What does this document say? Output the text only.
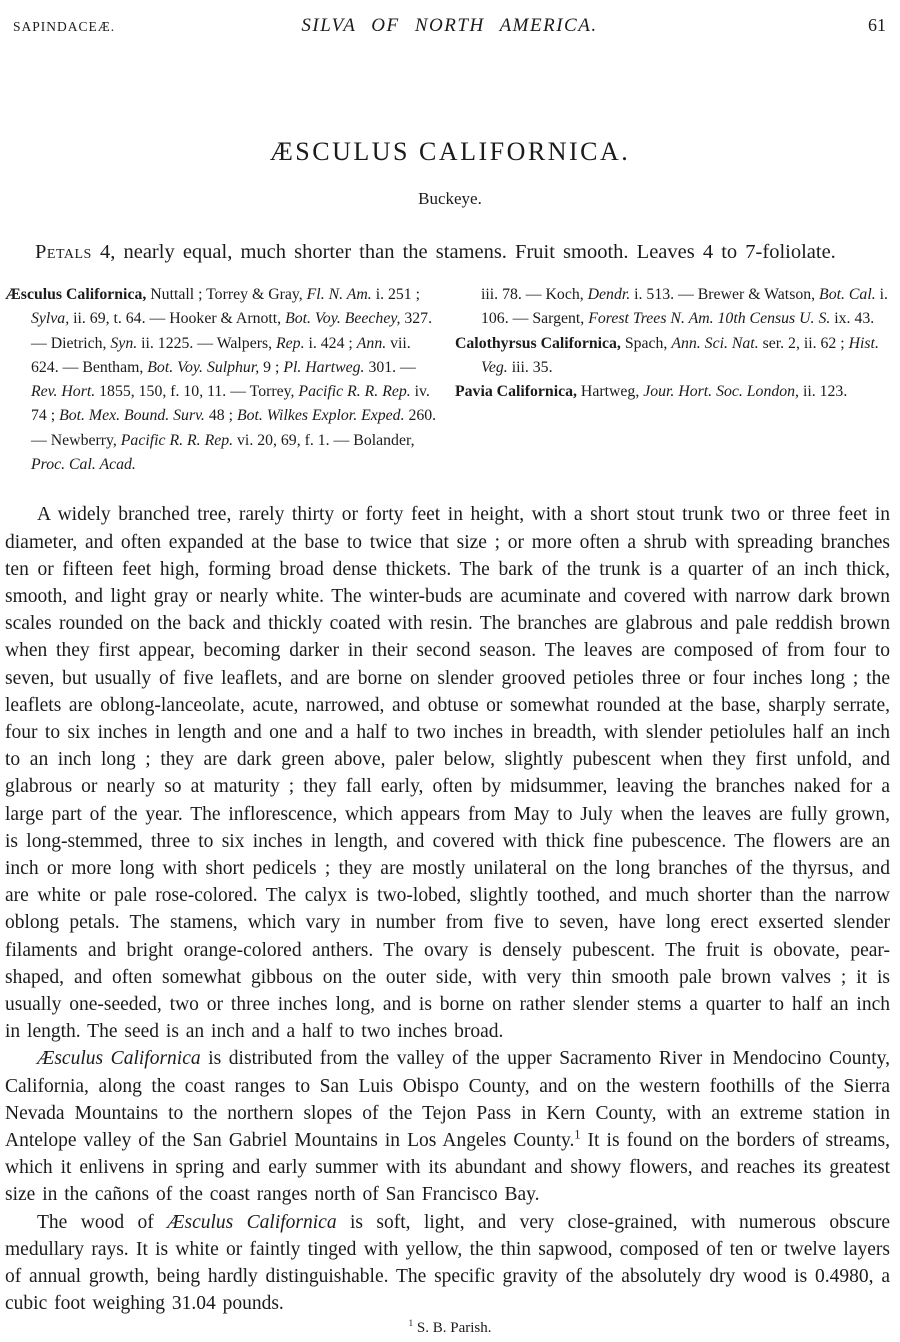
SAPINDACEÆ.	SILVA OF NORTH AMERICA.	61
ÆSCULUS CALIFORNICA.
Buckeye.

Petals 4, nearly equal, much shorter than the stamens. Fruit smooth. Leaves 4 to 7-foliolate.

Æsculus Californica, Nuttall ; Torrey & Gray, Fl. N. Am. i. 251 ; Sylva, ii. 69, t. 64. — Hooker & Arnott, Bot. Voy. Beechey, 327. — Dietrich, Syn. ii. 1225. — Walpers, Rep. i. 424 ; Ann. vii. 624. — Bentham, Bot. Voy. Sulphur, 9 ; Pl. Hartweg. 301. — Rev. Hort. 1855, 150, f. 10, 11. — Torrey, Pacific R. R. Rep. iv. 74 ; Bot. Mex. Bound. Surv. 48 ; Bot. Wilkes Explor. Exped. 260. — Newberry, Pacific R. R. Rep. vi. 20, 69, f. 1. — Bolander, Proc. Cal. Acad.

iii. 78. — Koch, Dendr. i. 513. — Brewer & Watson, Bot. Cal. i. 106. — Sargent, Forest Trees N. Am. 10th Census U. S. ix. 43.

Calothyrsus Californica, Spach, Ann. Sci. Nat. ser. 2, ii. 62 ; Hist. Veg. iii. 35.

Pavia Californica, Hartweg, Jour. Hort. Soc. London, ii. 123.

A widely branched tree, rarely thirty or forty feet in height, with a short stout trunk two or three feet in diameter, and often expanded at the base to twice that size ; or more often a shrub with spreading branches ten or fifteen feet high, forming broad dense thickets. The bark of the trunk is a quarter of an inch thick, smooth, and light gray or nearly white. The winter-buds are acuminate and covered with narrow dark brown scales rounded on the back and thickly coated with resin. The branches are glabrous and pale reddish brown when they first appear, becoming darker in their second season. The leaves are composed of from four to seven, but usually of five leaflets, and are borne on slender grooved petioles three or four inches long ; the leaflets are oblong-lanceolate, acute, narrowed, and obtuse or somewhat rounded at the base, sharply serrate, four to six inches in length and one and a half to two inches in breadth, with slender petiolules half an inch to an inch long ; they are dark green above, paler below, slightly pubescent when they first unfold, and glabrous or nearly so at maturity ; they fall early, often by midsummer, leaving the branches naked for a large part of the year. The inflorescence, which appears from May to July when the leaves are fully grown, is long-stemmed, three to six inches in length, and covered with thick fine pubescence. The flowers are an inch or more long with short pedicels ; they are mostly unilateral on the long branches of the thyrsus, and are white or pale rose-colored. The calyx is two-lobed, slightly toothed, and much shorter than the narrow oblong petals. The stamens, which vary in number from five to seven, have long erect exserted slender filaments and bright orange-colored anthers. The ovary is densely pubescent. The fruit is obovate, pear-shaped, and often somewhat gibbous on the outer side, with very thin smooth pale brown valves ; it is usually one-seeded, two or three inches long, and is borne on rather slender stems a quarter to half an inch in length. The seed is an inch and a half to two inches broad.

Æsculus Californica is distributed from the valley of the upper Sacramento River in Mendocino County, California, along the coast ranges to San Luis Obispo County, and on the western foothills of the Sierra Nevada Mountains to the northern slopes of the Tejon Pass in Kern County, with an extreme station in Antelope valley of the San Gabriel Mountains in Los Angeles County.$^1$ It is found on the borders of streams, which it enlivens in spring and early summer with its abundant and showy flowers, and reaches its greatest size in the cañons of the coast ranges north of San Francisco Bay.

The wood of Æsculus Californica is soft, light, and very close-grained, with numerous obscure medullary rays. It is white or faintly tinged with yellow, the thin sapwood, composed of ten or twelve layers of annual growth, being hardly distinguishable. The specific gravity of the absolutely dry wood is 0.4980, a cubic foot weighing 31.04 pounds.

$^1$ S. B. Parish.
